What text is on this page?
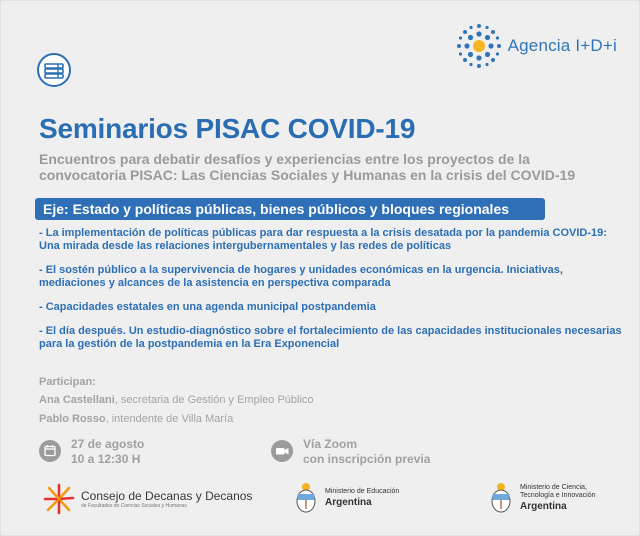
Agencia I+D+i
Seminarios PISAC COVID-19
Encuentros para debatir desafíos y experiencias entre los proyectos de la convocatoria PISAC: Las Ciencias Sociales y Humanas en la crisis del COVID-19
Eje: Estado y políticas públicas, bienes públicos y bloques regionales

- La implementación de políticas públicas para dar respuesta a la crisis desatada por la pandemia COVID-19: Una mirada desde las relaciones intergubernamentales y las redes de políticas

- El sostén público a la supervivencia de hogares y unidades económicas en la urgencia. Iniciativas, mediaciones y alcances de la asistencia en perspectiva comparada

- Capacidades estatales en una agenda municipal postpandemia

- El día después. Un estudio-diagnóstico sobre el fortalecimiento de las capacidades institucionales necesarias para la gestión de la postpandemia en la Era Exponencial

Participan:
Ana Castellani, secretaria de Gestión y Empleo Público
Pablo Rosso, intendente de Villa María
27 de agosto
10 a 12:30 H
Vía Zoom
con inscripción previa
Consejo de Decanas y Decanos
de Facultades de Ciencias Sociales y Humanas
Ministerio de Educación
Argentina
Ministerio de Ciencia,
Tecnología e Innovación
Argentina
